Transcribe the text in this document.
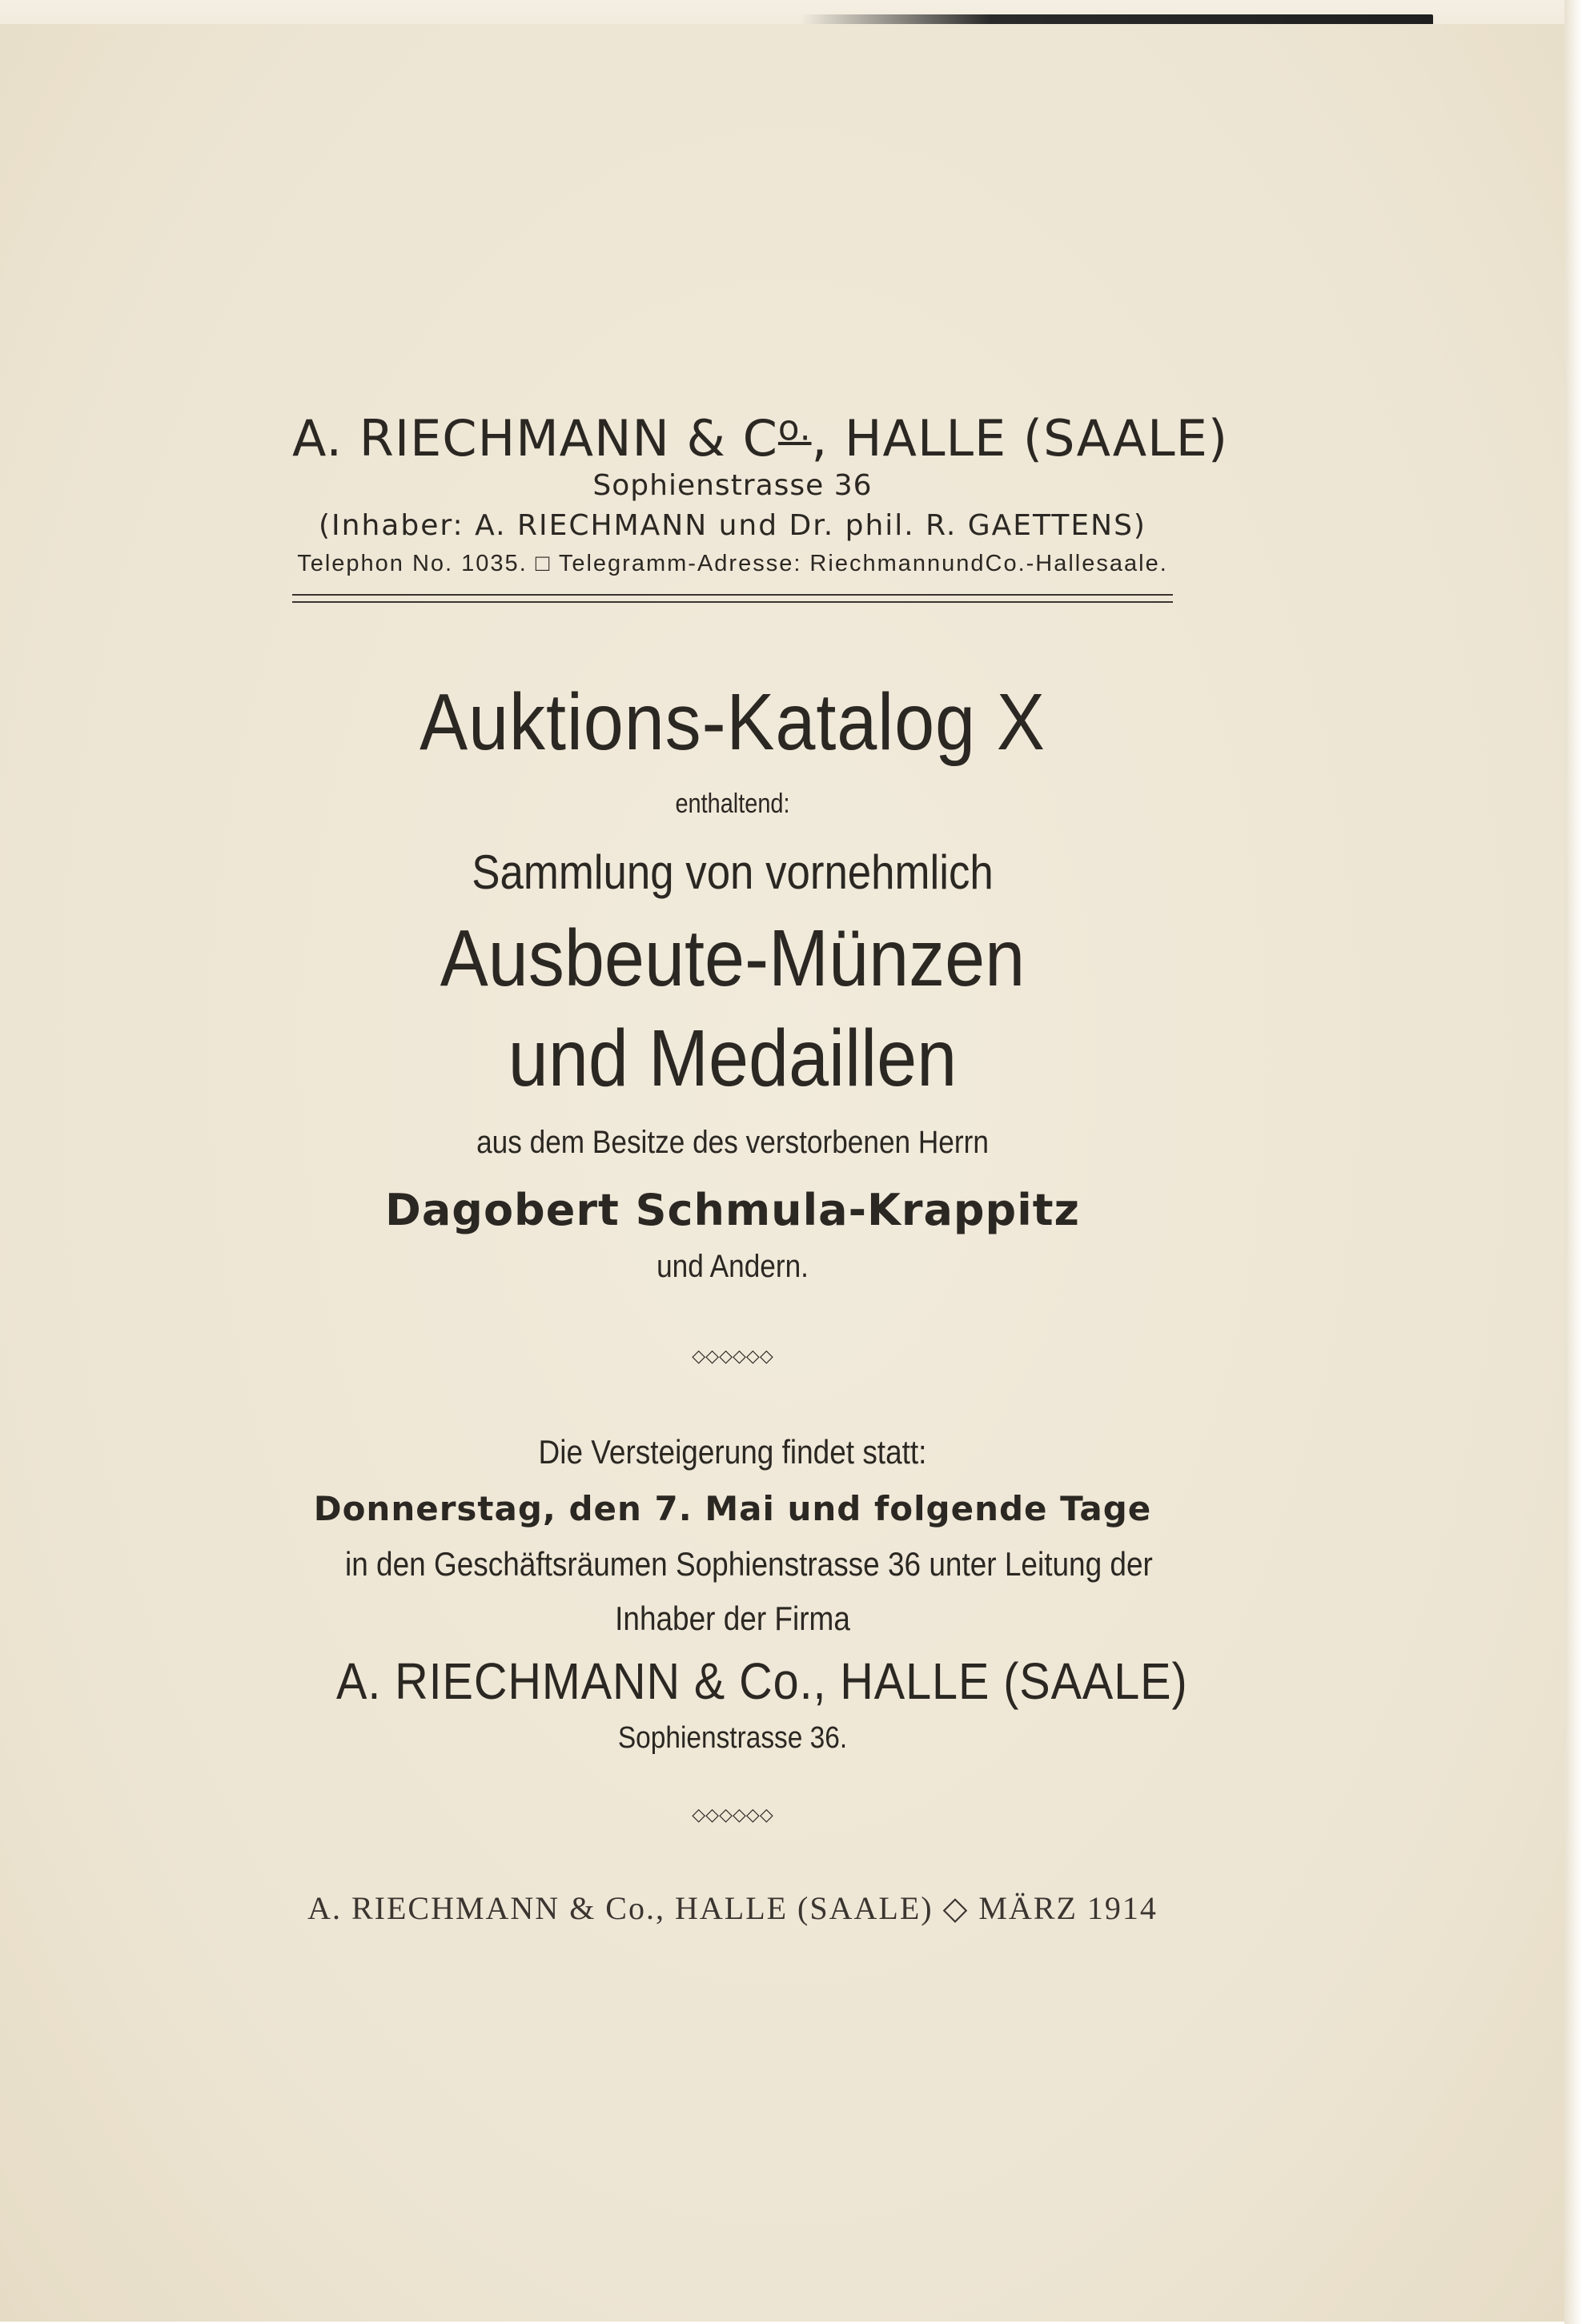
A. RIECHMANN & $C^{o.}$, HALLE (SAALE)
Sophienstrasse 36
(Inhaber: A. RIECHMANN und Dr. phil. R. GAETTENS)
Telephon No. 1035. □ Telegramm-Adresse: RiechmannundCo.-Hallesaale.
Auktions-Katalog X
enthaltend:
Sammlung von vornehmlich
Ausbeute-Münzen
und Medaillen
aus dem Besitze des verstorbenen Herrn
Dagobert Schmula-Krappitz
und Andern.
◇◇◇◇◇◇
Die Versteigerung findet statt:
Donnerstag, den 7. Mai und folgende Tage
in den Geschäftsräumen Sophienstrasse 36 unter Leitung der
Inhaber der Firma
A. RIECHMANN & Co., HALLE (SAALE)
Sophienstrasse 36.
◇◇◇◇◇◇
A. RIECHMANN & Co., HALLE (SAALE) ◇ MÄRZ 1914
